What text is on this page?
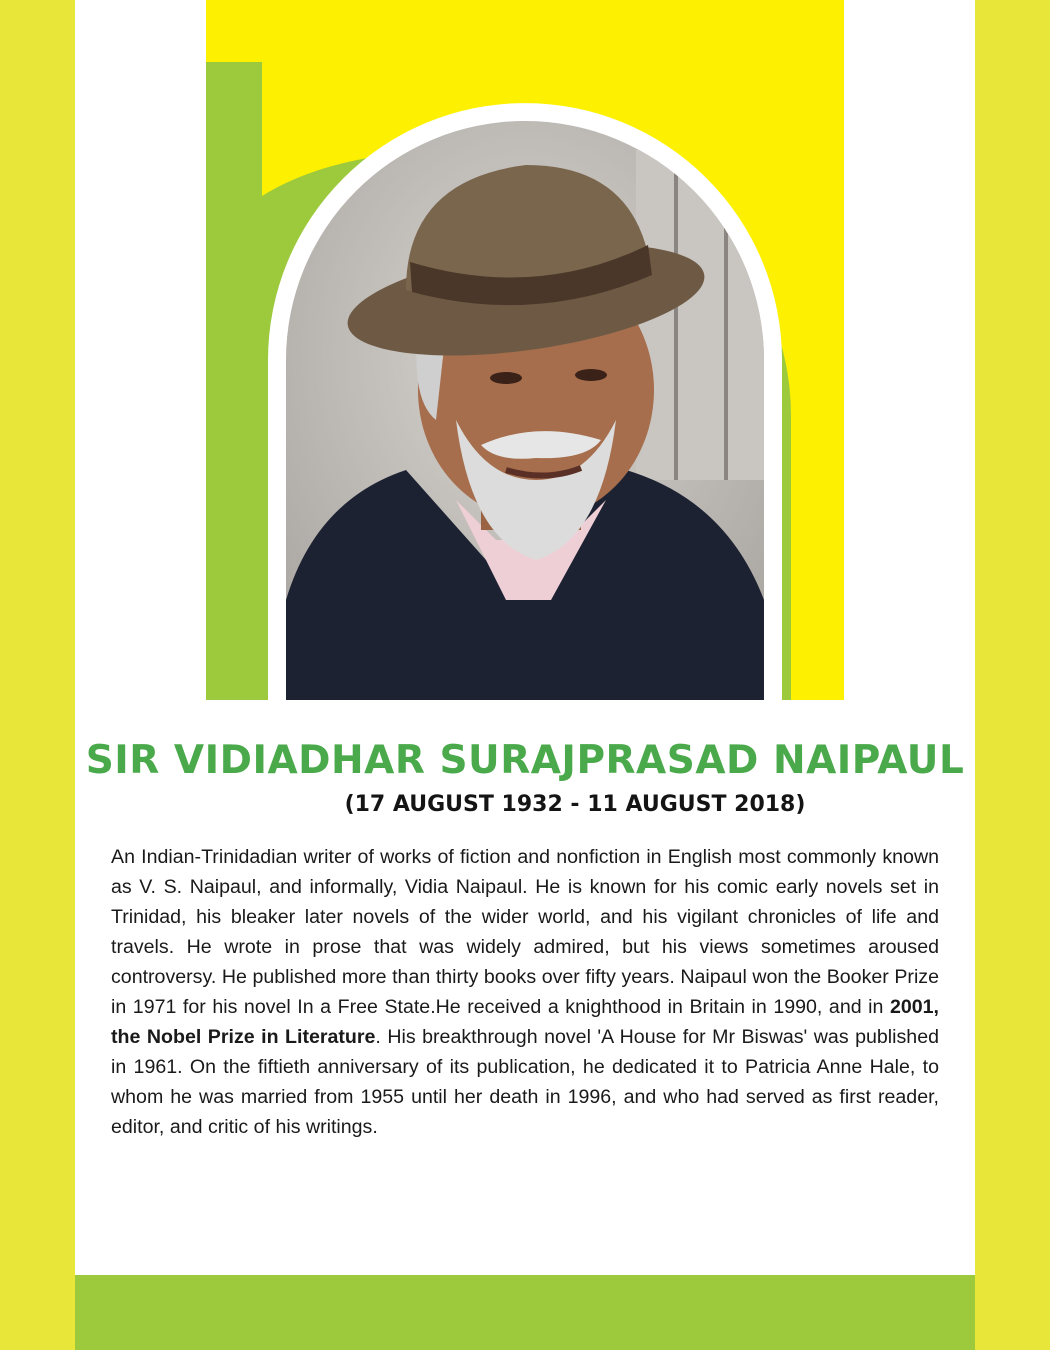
SIR VIDIADHAR SURAJPRASAD NAIPAUL
(17 AUGUST 1932 - 11 AUGUST 2018)

An Indian-Trinidadian writer of works of fiction and nonfiction in English most commonly known as V. S. Naipaul, and informally, Vidia Naipaul. He is known for his comic early novels set in Trinidad, his bleaker later novels of the wider world, and his vigilant chronicles of life and travels. He wrote in prose that was widely admired, but his views sometimes aroused controversy. He published more than thirty books over fifty years. Naipaul won the Booker Prize in 1971 for his novel In a Free State.He received a knighthood in Britain in 1990, and in 2001, the Nobel Prize in Literature. His breakthrough novel 'A House for Mr Biswas' was published in 1961. On the fiftieth anniversary of its publication, he dedicated it to Patricia Anne Hale, to whom he was married from 1955 until her death in 1996, and who had served as first reader, editor, and critic of his writings.
